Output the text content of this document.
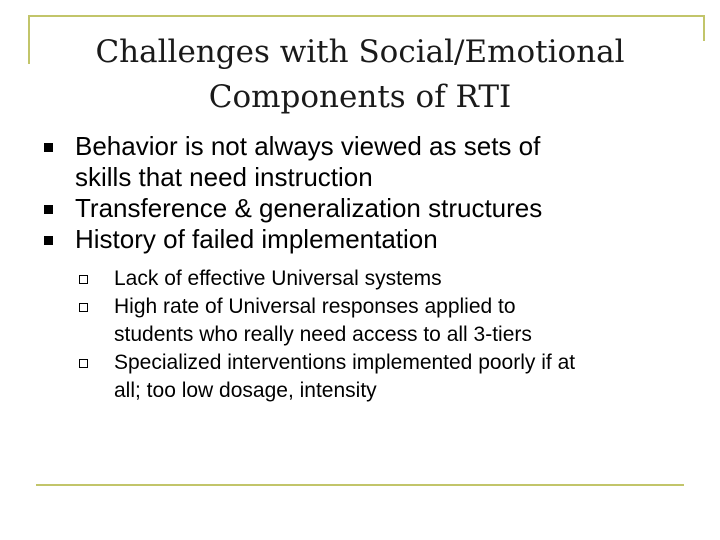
Challenges with Social/Emotional
Components of RTI
Behavior is not always viewed as sets of
skills that need instruction
Transference & generalization structures
History of failed implementation
Lack of effective Universal systems
High rate of Universal responses applied to
students who really need access to all 3-tiers
Specialized interventions implemented poorly if at
all; too low dosage, intensity
